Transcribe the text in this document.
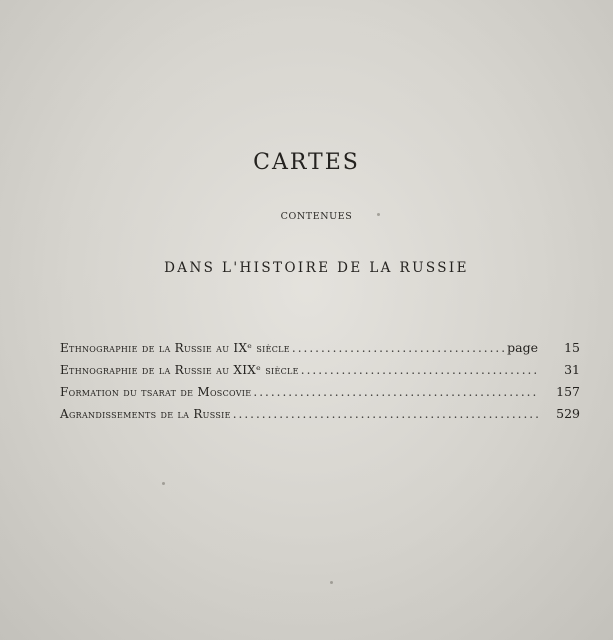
CARTES
CONTENUES
DANS L'HISTOIRE DE LA RUSSIE
Ethnographie de la Russie au IXᵉ siècle .....	page	15
Ethnographie de la Russie au XIXᵉ siècle .....	31
Formation du tsarat de Moscovie .....	157
Agrandissements de la Russie .....	529
